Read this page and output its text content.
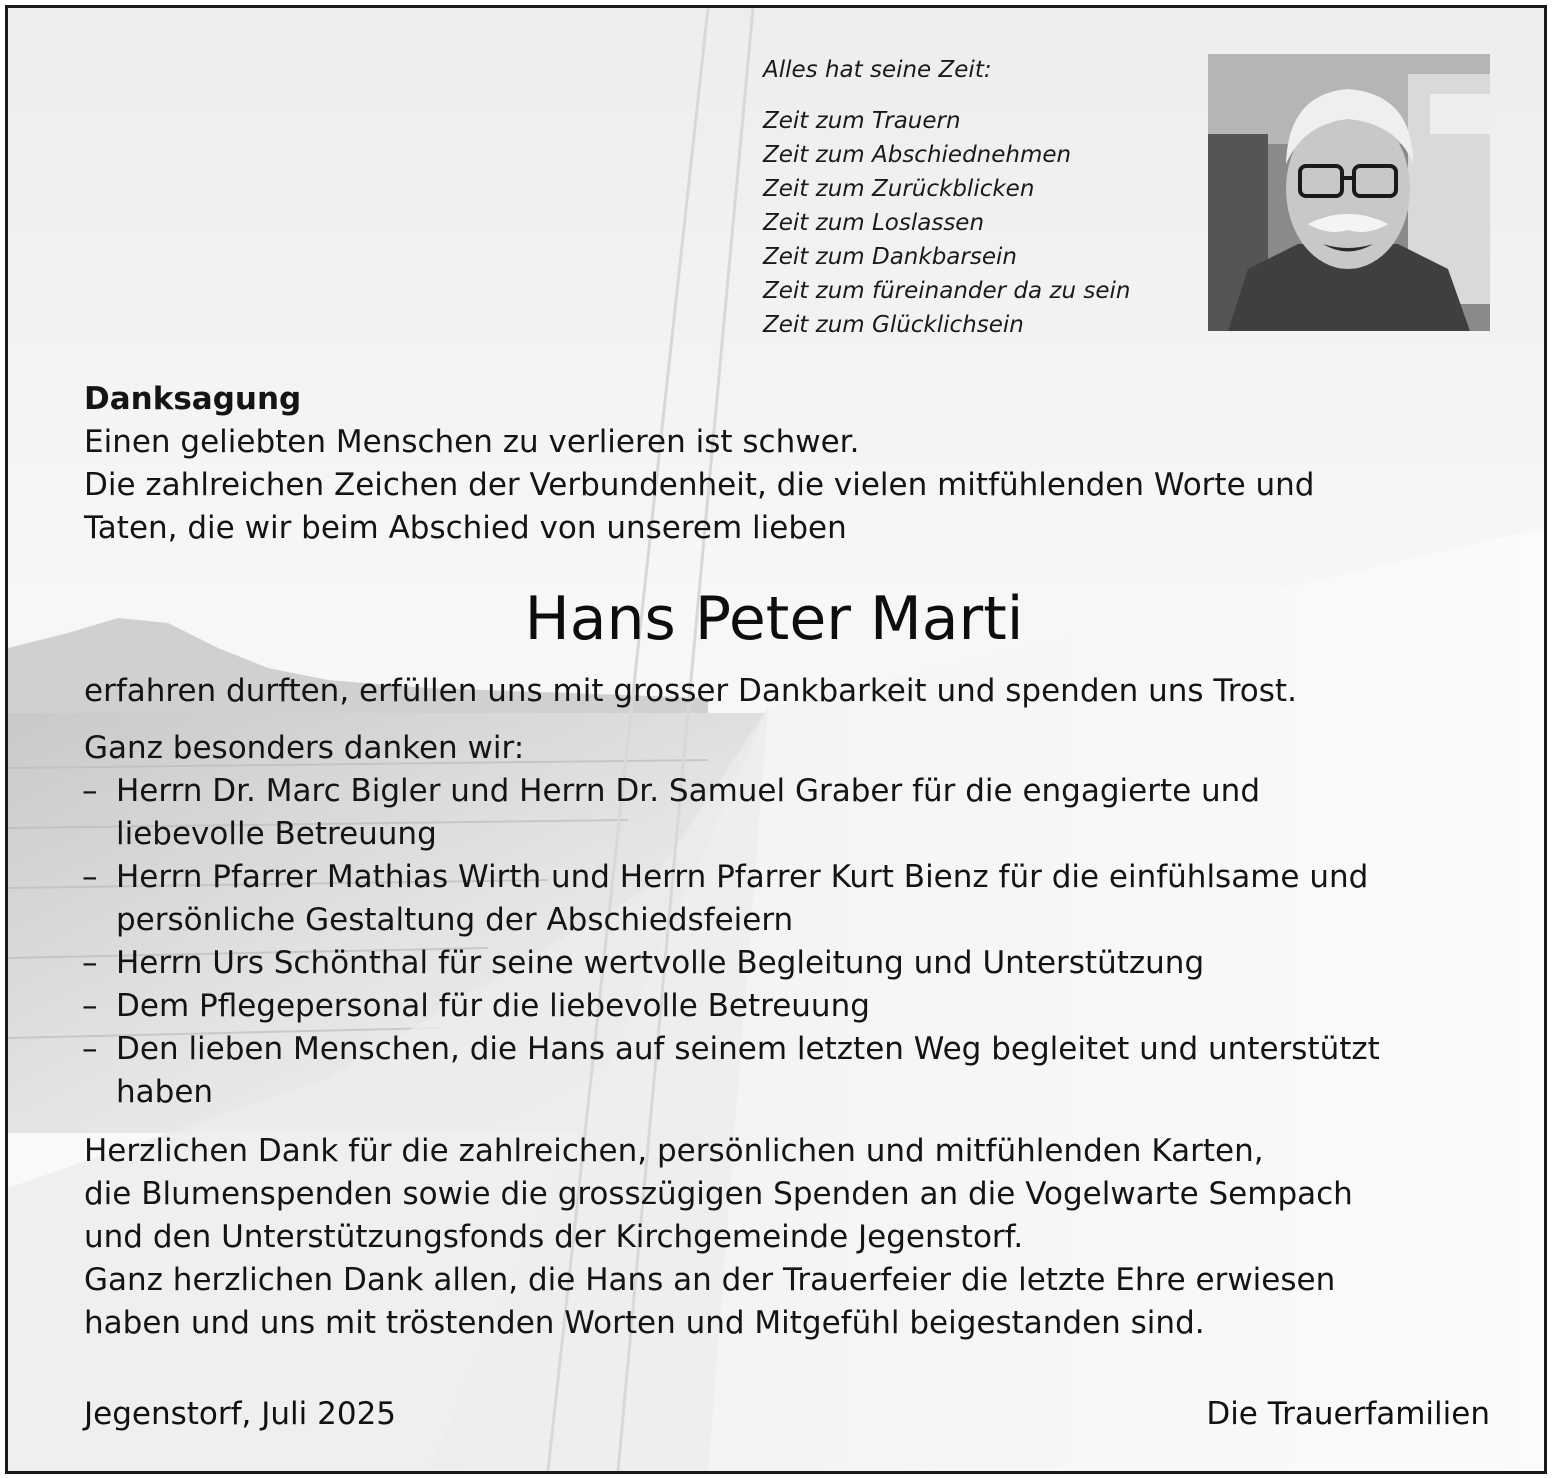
Alles hat seine Zeit:

Zeit zum Trauern
Zeit zum Abschiednehmen
Zeit zum Zurückblicken
Zeit zum Loslassen
Zeit zum Dankbarsein
Zeit zum füreinander da zu sein
Zeit zum Glücklichsein

Danksagung

Einen geliebten Menschen zu verlieren ist schwer.

Die zahlreichen Zeichen der Verbundenheit, die vielen mitfühlenden Worte und

Taten, die wir beim Abschied von unserem lieben

Hans Peter Marti

erfahren durften, erfüllen uns mit grosser Dankbarkeit und spenden uns Trost.

Ganz besonders danken wir:

– Herrn Dr. Marc Bigler und Herrn Dr. Samuel Graber für die engagierte und
liebevolle Betreuung
– Herrn Pfarrer Mathias Wirth und Herrn Pfarrer Kurt Bienz für die einfühlsame und
persönliche Gestaltung der Abschiedsfeiern
– Herrn Urs Schönthal für seine wertvolle Begleitung und Unterstützung
– Dem Pflegepersonal für die liebevolle Betreuung
– Den lieben Menschen, die Hans auf seinem letzten Weg begleitet und unterstützt
haben

Herzlichen Dank für die zahlreichen, persönlichen und mitfühlenden Karten,

die Blumenspenden sowie die grosszügigen Spenden an die Vogelwarte Sempach

und den Unterstützungsfonds der Kirchgemeinde Jegenstorf.

Ganz herzlichen Dank allen, die Hans an der Trauerfeier die letzte Ehre erwiesen

haben und uns mit tröstenden Worten und Mitgefühl beigestanden sind.

Jegenstorf, Juli 2025	Die Trauerfamilien
